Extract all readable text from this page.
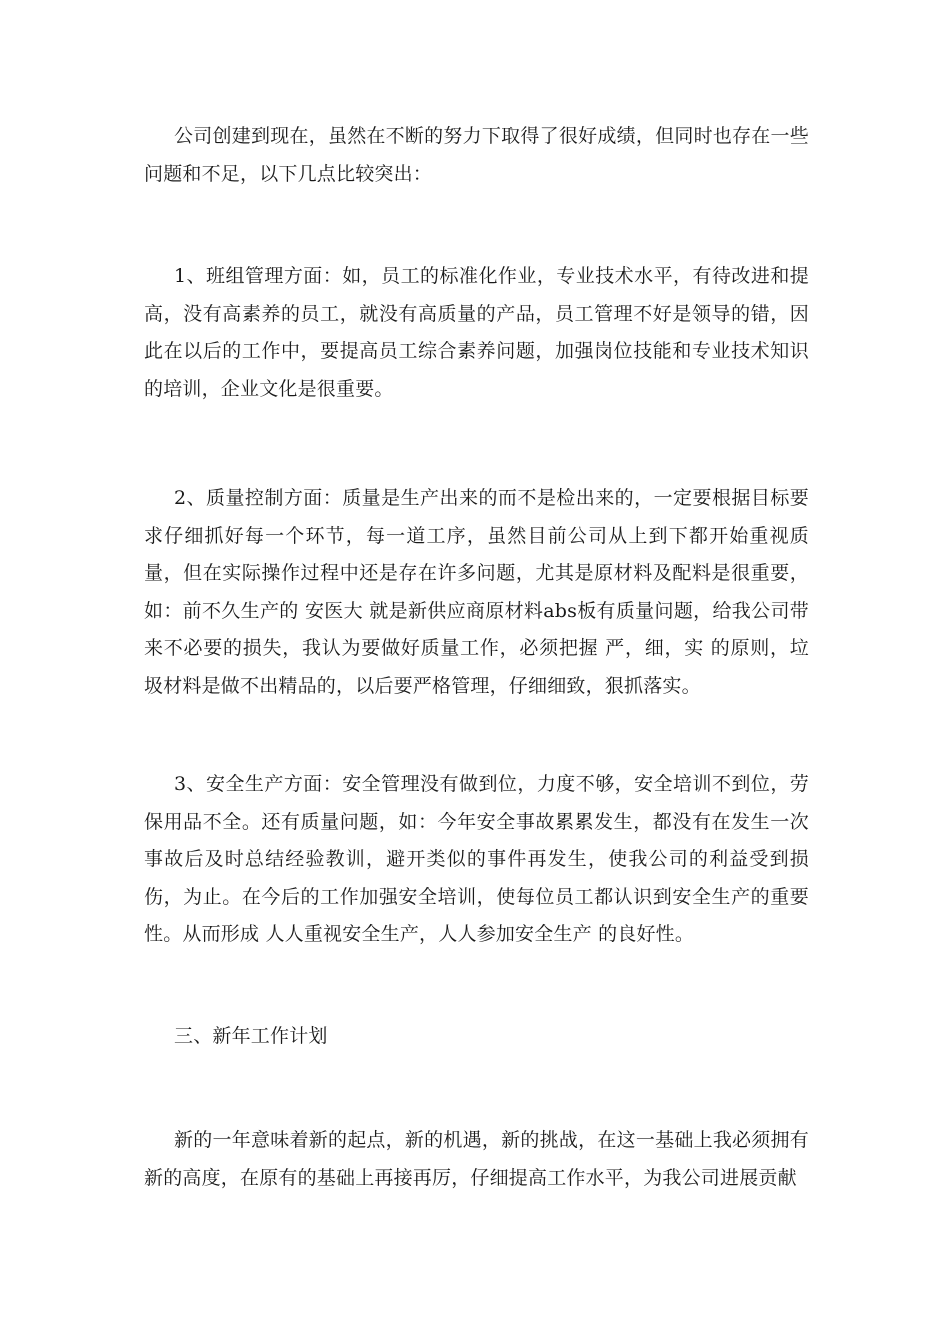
公司创建到现在，虽然在不断的努力下取得了很好成绩，但同时也存在一些问题和不足，以下几点比较突出：

1、班组管理方面：如，员工的标准化作业，专业技术水平，有待改进和提高，没有高素养的员工，就没有高质量的产品，员工管理不好是领导的错，因此在以后的工作中，要提高员工综合素养问题，加强岗位技能和专业技术知识的培训，企业文化是很重要。

2、质量控制方面：质量是生产出来的而不是检出来的，一定要根据目标要求仔细抓好每一个环节，每一道工序，虽然目前公司从上到下都开始重视质量，但在实际操作过程中还是存在许多问题，尤其是原材料及配料是很重要，如：前不久生产的 安医大 就是新供应商原材料abs板有质量问题，给我公司带来不必要的损失，我认为要做好质量工作，必须把握 严，细，实 的原则，垃圾材料是做不出精品的，以后要严格管理，仔细细致，狠抓落实。

3、安全生产方面：安全管理没有做到位，力度不够，安全培训不到位，劳保用品不全。还有质量问题，如：今年安全事故累累发生，都没有在发生一次事故后及时总结经验教训，避开类似的事件再发生，使我公司的利益受到损伤，为止。在今后的工作加强安全培训，使每位员工都认识到安全生产的重要性。从而形成 人人重视安全生产，人人参加安全生产 的良好性。

三、新年工作计划

新的一年意味着新的起点，新的机遇，新的挑战，在这一基础上我必须拥有新的高度，在原有的基础上再接再厉，仔细提高工作水平，为我公司进展贡献
